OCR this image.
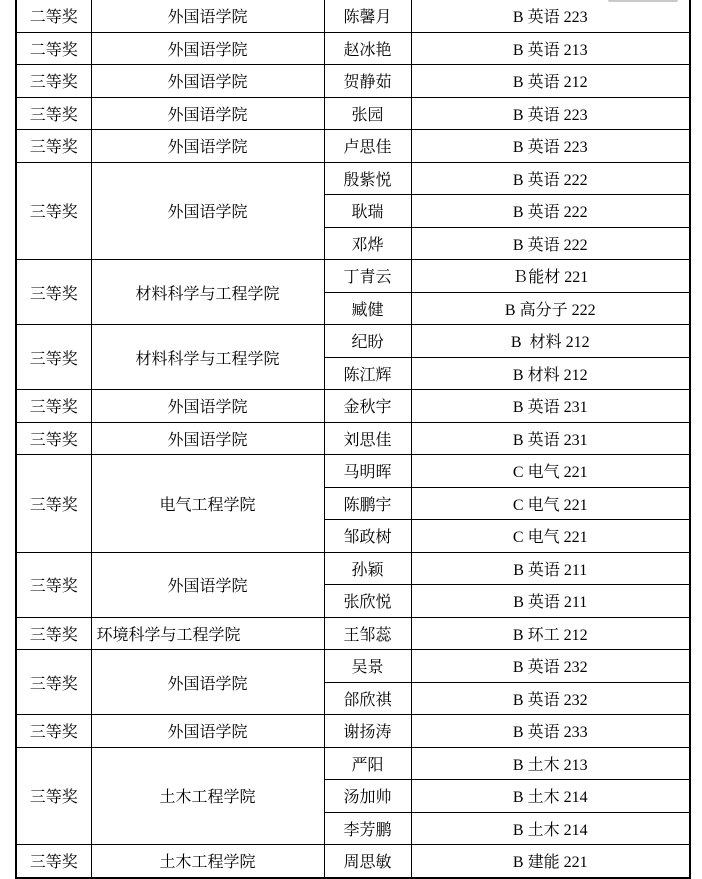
二等奖	外国语学院	陈馨月	B 英语 223
二等奖	外国语学院	赵冰艳	B 英语 213
三等奖	外国语学院	贺静茹	B 英语 212
三等奖	外国语学院	张园	B 英语 223
三等奖	外国语学院	卢思佳	B 英语 223
三等奖	外国语学院	殷紫悦	B 英语 222
		耿瑞	B 英语 222
		邓烨	B 英语 222
三等奖	材料科学与工程学院	丁青云	Ｂ能材 221
		臧健	B 高分子 222
三等奖	材料科学与工程学院	纪盼	B  材料 212
		陈江辉	B 材料 212
三等奖	外国语学院	金秋宇	B 英语 231
三等奖	外国语学院	刘思佳	B 英语 231
三等奖	电气工程学院	马明晖	C 电气 221
		陈鹏宇	C 电气 221
		邹政树	C 电气 221
三等奖	外国语学院	孙颖	B 英语 211
		张欣悦	B 英语 211
三等奖	环境科学与工程学院	王邹蕊	B 环工 212
三等奖	外国语学院	吴景	B 英语 232
		郃欣祺	B 英语 232
三等奖	外国语学院	谢扬涛	B 英语 233
三等奖	土木工程学院	严阳	B 土木 213
		汤加帅	B 土木 214
		李芳鹏	B 土木 214
三等奖	土木工程学院	周思敏	B 建能 221
